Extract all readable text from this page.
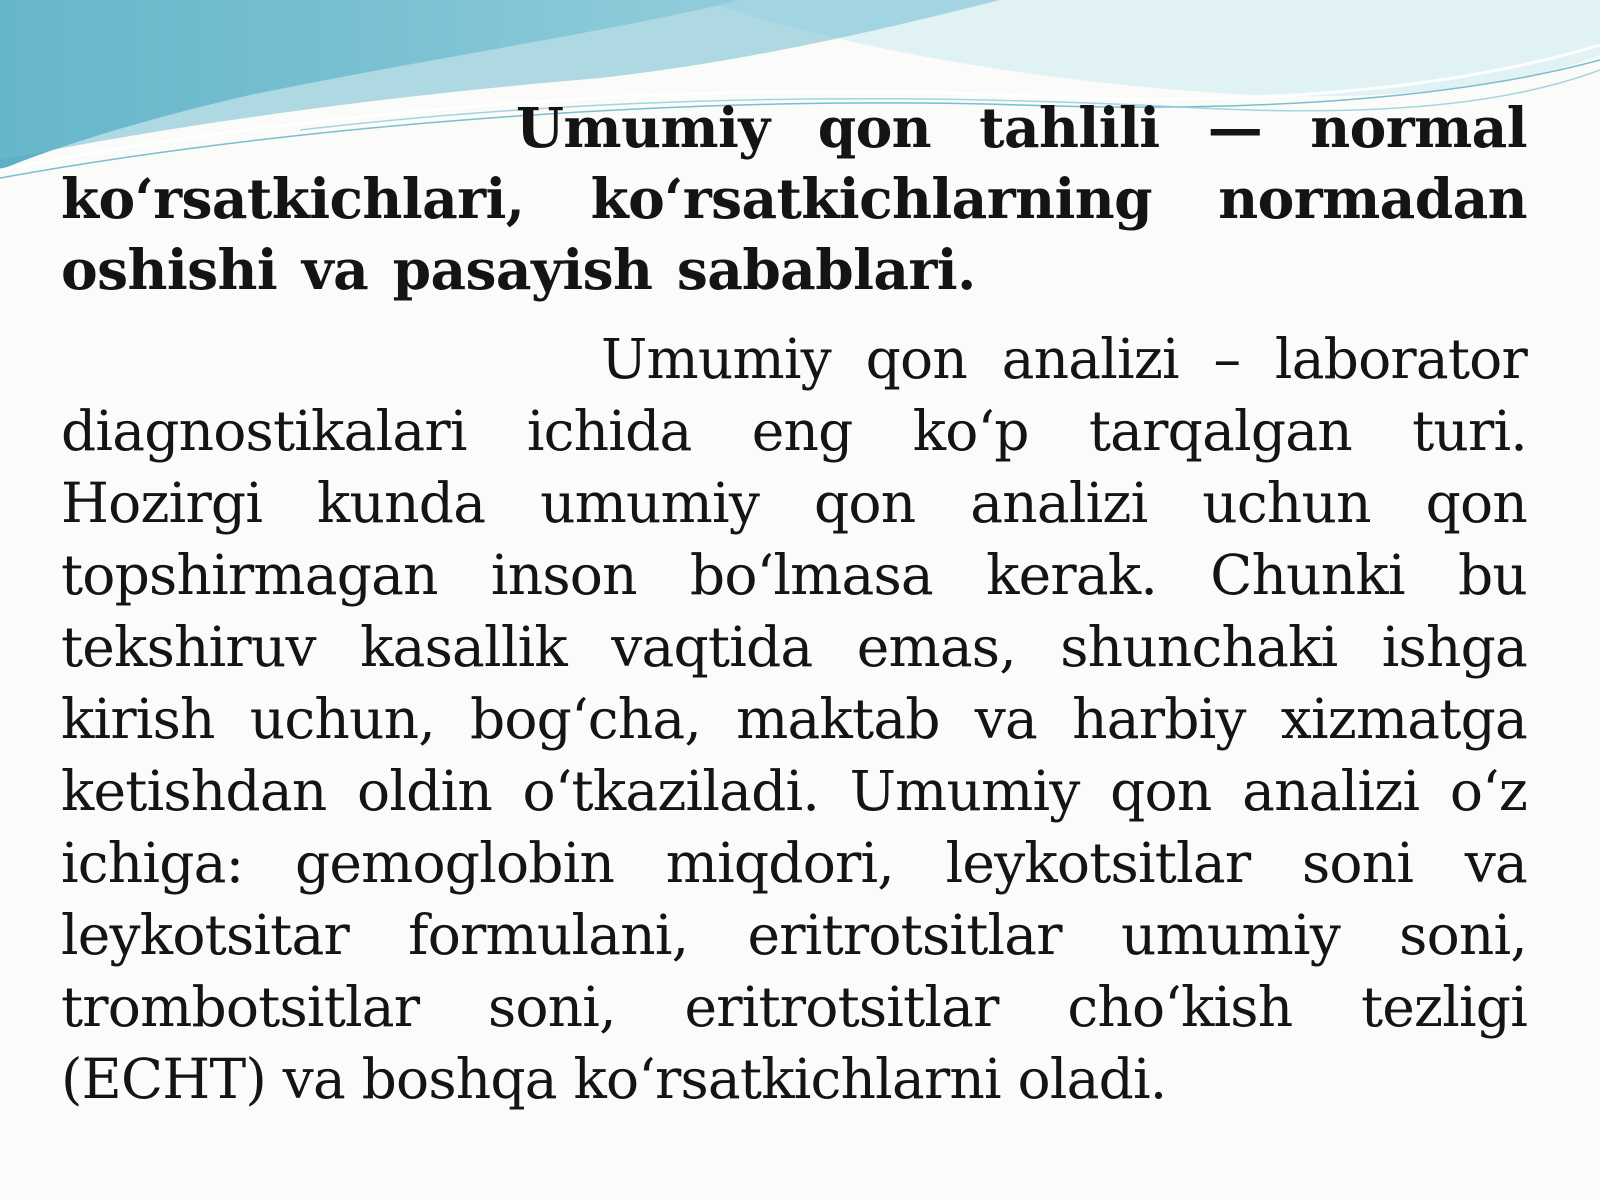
Umumiy qon tahlili — normal ko‘rsatkichlari, ko‘rsatkichlarning normadan oshishi va pasayish sabablari.

Umumiy qon analizi – laborator diagnostikalari ichida eng ko‘p tarqalgan turi. Hozirgi kunda umumiy qon analizi uchun qon topshirmagan inson bo‘lmasa kerak. Chunki bu tekshiruv kasallik vaqtida emas, shunchaki ishga kirish uchun, bog‘cha, maktab va harbiy xizmatga ketishdan oldin o‘tkaziladi. Umumiy qon analizi o‘z ichiga: gemoglobin miqdori, leykotsitlar soni va leykotsitar formulani, eritrotsitlar umumiy soni, trombotsitlar soni, eritrotsitlar cho‘kish tezligi (ECHT) va boshqa ko‘rsatkichlarni oladi.
